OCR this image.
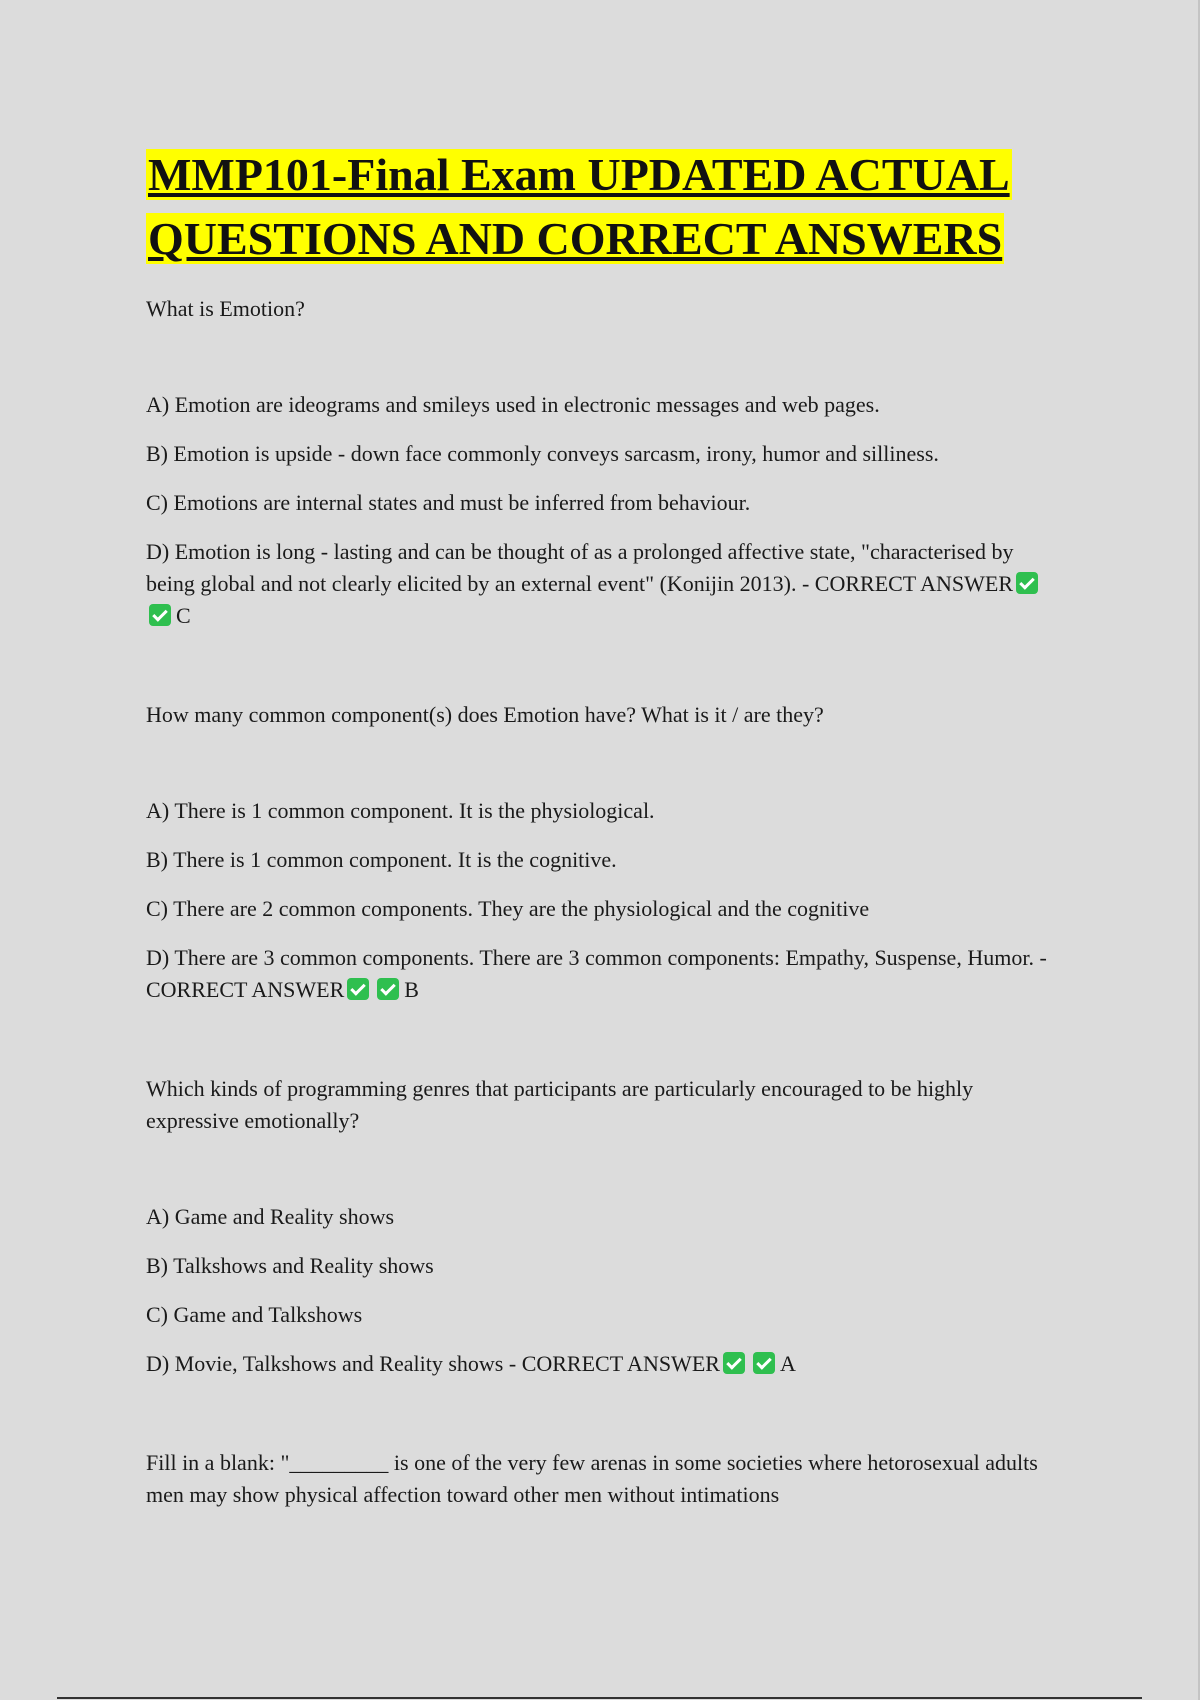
MMP101-Final Exam UPDATED ACTUAL QUESTIONS AND CORRECT ANSWERS

What is Emotion?

A) Emotion are ideograms and smileys used in electronic messages and web pages.

B) Emotion is upside - down face commonly conveys sarcasm, irony, humor and silliness.

C) Emotions are internal states and must be inferred from behaviour.

D) Emotion is long - lasting and can be thought of as a prolonged affective state, "characterised by being global and not clearly elicited by an external event" (Konijin 2013). - CORRECT ANSWERC

How many common component(s) does Emotion have? What is it / are they?

A) There is 1 common component. It is the physiological.

B) There is 1 common component. It is the cognitive.

C) There are 2 common components. They are the physiological and the cognitive

D) There are 3 common components. There are 3 common components: Empathy, Suspense, Humor. - CORRECT ANSWER	B

Which kinds of programming genres that participants are particularly encouraged to be highly expressive emotionally?

A) Game and Reality shows

B) Talkshows and Reality shows

C) Game and Talkshows

D) Movie, Talkshows and Reality shows - CORRECT ANSWER	A

Fill in a blank: "_________ is one of the very few arenas in some societies where hetorosexual adults men may show physical affection toward other men without intimations
